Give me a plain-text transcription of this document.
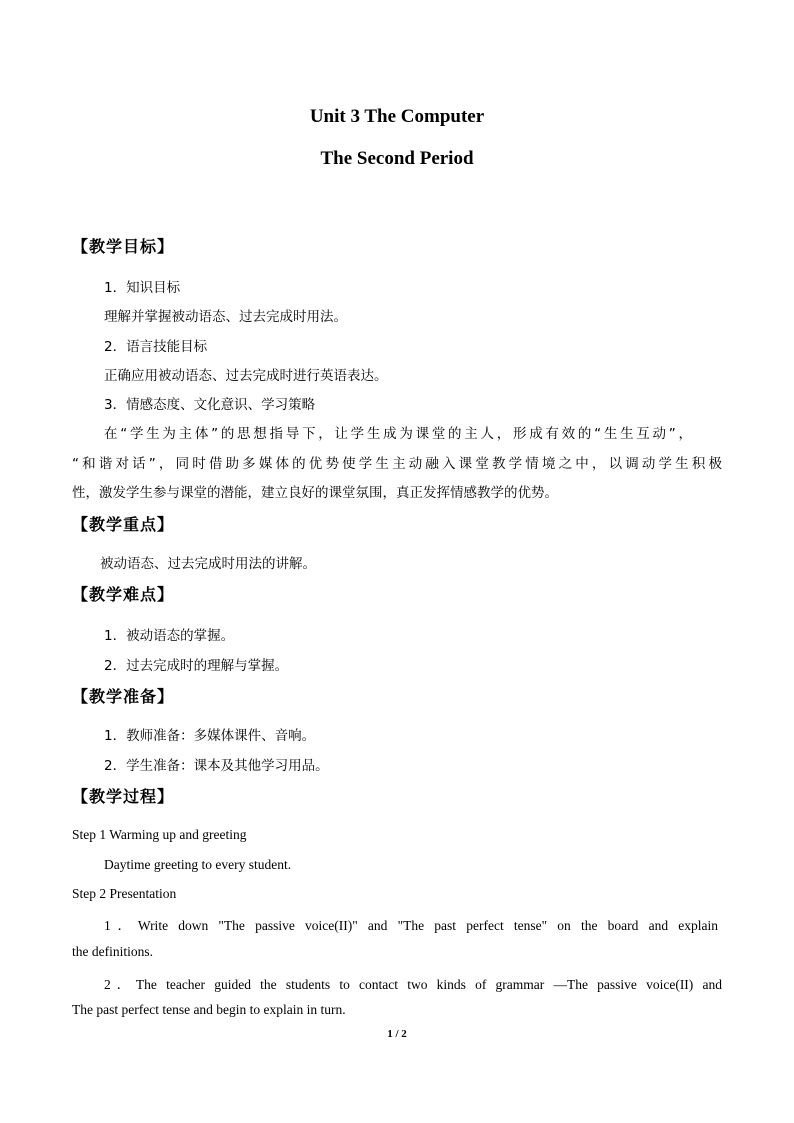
Unit 3 The Computer
The Second Period
【教学目标】
1．知识目标
理解并掌握被动语态、过去完成时用法。
2．语言技能目标
正确应用被动语态、过去完成时进行英语表达。
3．情感态度、文化意识、学习策略
在“学生为主体”的思想指导下，让学生成为课堂的主人，形成有效的“生生互动”，
“和谐对话”，同时借助多媒体的优势使学生主动融入课堂教学情境之中，以调动学生积极
性，激发学生参与课堂的潜能，建立良好的课堂氛围，真正发挥情感教学的优势。
【教学重点】
被动语态、过去完成时用法的讲解。
【教学难点】
1．被动语态的掌握。
2．过去完成时的理解与掌握。
【教学准备】
1．教师准备：多媒体课件、音响。
2．学生准备：课本及其他学习用品。
【教学过程】
Step 1 Warming up and greeting
Daytime greeting to every student.
Step 2 Presentation
1．Write down "The passive voice(II)" and "The past perfect tense" on the board and explain
the definitions.
2．The teacher guided the students to contact two kinds of grammar —The passive voice(II) and
The past perfect tense and begin to explain in turn.
1 / 2
